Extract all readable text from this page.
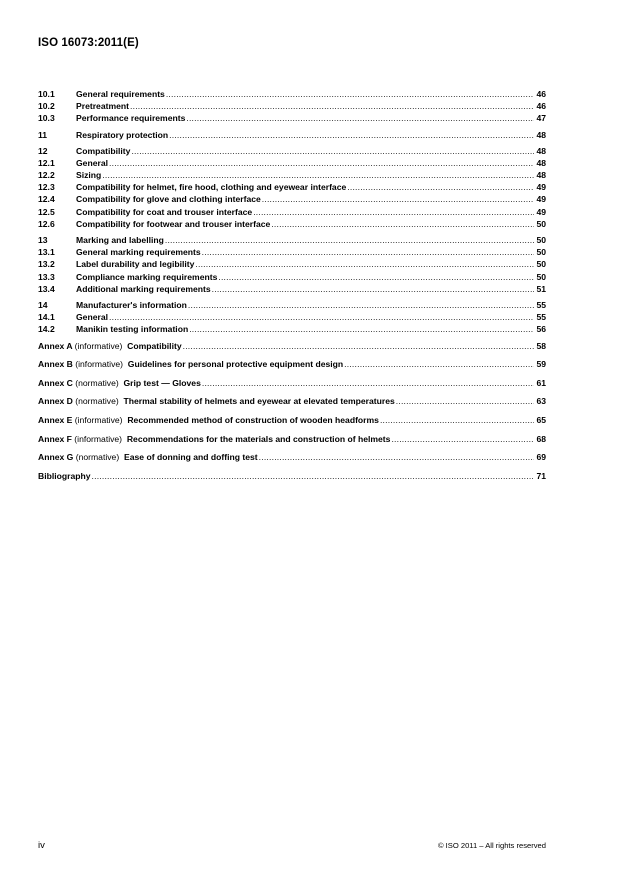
ISO 16073:2011(E)
10.1	General requirements .....	46
10.2	Pretreatment .....	46
10.3	Performance requirements .....	47
11	Respiratory protection .....	48
12	Compatibility .....	48
12.1	General .....	48
12.2	Sizing .....	48
12.3	Compatibility for helmet, fire hood, clothing and eyewear interface .....	49
12.4	Compatibility for glove and clothing interface .....	49
12.5	Compatibility for coat and trouser interface .....	49
12.6	Compatibility for footwear and trouser interface .....	50
13	Marking and labelling .....	50
13.1	General marking requirements .....	50
13.2	Label durability and legibility .....	50
13.3	Compliance marking requirements .....	50
13.4	Additional marking requirements .....	51
14	Manufacturer's information .....	55
14.1	General .....	55
14.2	Manikin testing information .....	56
Annex A (informative) Compatibility .....	58
Annex B (informative) Guidelines for personal protective equipment design .....	59
Annex C (normative) Grip test — Gloves .....	61
Annex D (normative) Thermal stability of helmets and eyewear at elevated temperatures .....	63
Annex E (informative) Recommended method of construction of wooden headforms .....	65
Annex F (informative) Recommendations for the materials and construction of helmets .....	68
Annex G (normative) Ease of donning and doffing test .....	69
Bibliography .....	71
iv	© ISO 2011 – All rights reserved
